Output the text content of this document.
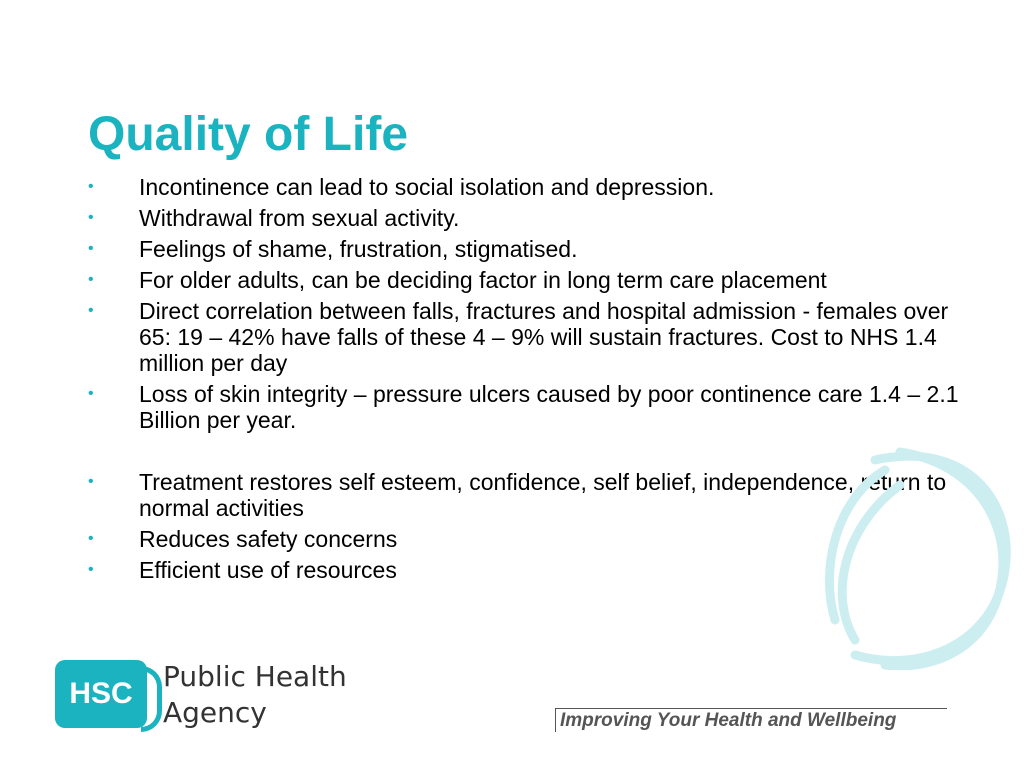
Quality of Life
• Incontinence can lead to social isolation and depression.
• Withdrawal from sexual activity.
• Feelings of shame, frustration, stigmatised.
• For older adults, can be deciding factor in long term care placement
• Direct correlation between falls, fractures and hospital admission - females over 65: 19 – 42% have falls of these 4 – 9% will sustain fractures. Cost to NHS 1.4 million per day
• Loss of skin integrity – pressure ulcers caused by poor continence care 1.4 – 2.1 Billion per year.
• Treatment restores self esteem, confidence, self belief, independence, return to normal activities
• Reduces safety concerns
• Efficient use of resources
HSC
Public Health
Agency	Improving Your Health and Wellbeing
